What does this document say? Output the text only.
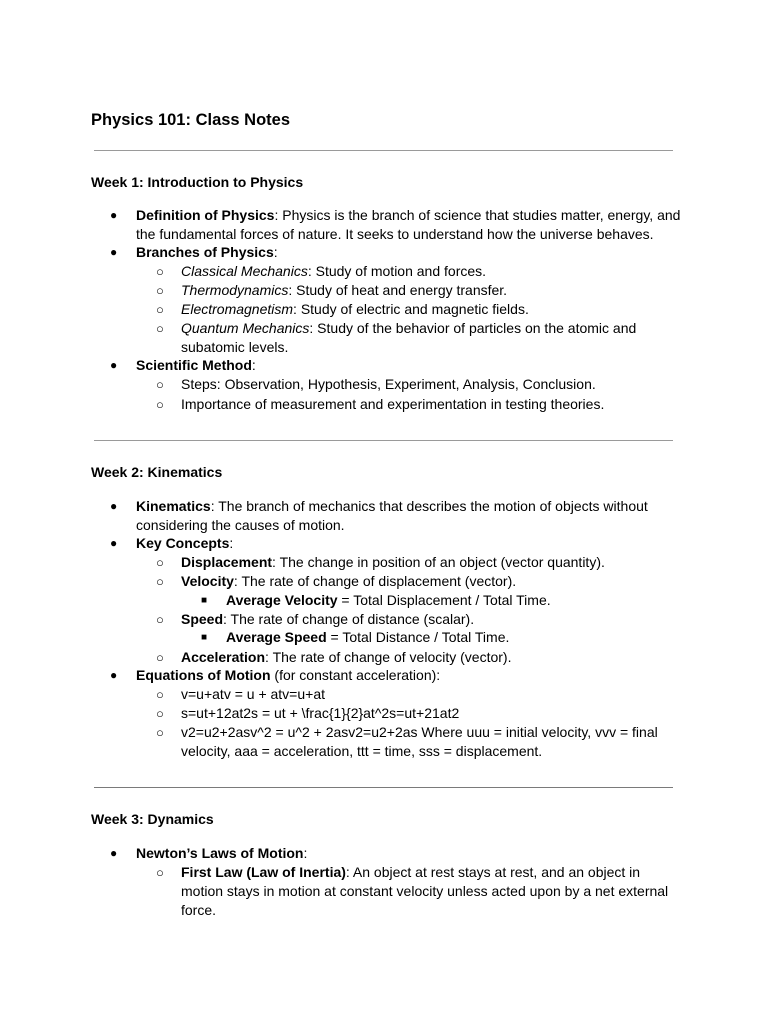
Physics 101: Class Notes
Week 1: Introduction to Physics
● Definition of Physics: Physics is the branch of science that studies matter, energy, and
the fundamental forces of nature. It seeks to understand how the universe behaves.
● Branches of Physics:
○ Classical Mechanics: Study of motion and forces.
○ Thermodynamics: Study of heat and energy transfer.
○ Electromagnetism: Study of electric and magnetic fields.
○ Quantum Mechanics: Study of the behavior of particles on the atomic and
subatomic levels.
● Scientific Method:
○ Steps: Observation, Hypothesis, Experiment, Analysis, Conclusion.
○ Importance of measurement and experimentation in testing theories.
Week 2: Kinematics
● Kinematics: The branch of mechanics that describes the motion of objects without
considering the causes of motion.
● Key Concepts:
○ Displacement: The change in position of an object (vector quantity).
○ Velocity: The rate of change of displacement (vector).
■ Average Velocity = Total Displacement / Total Time.
○ Speed: The rate of change of distance (scalar).
■ Average Speed = Total Distance / Total Time.
○ Acceleration: The rate of change of velocity (vector).
● Equations of Motion (for constant acceleration):
○ v=u+atv = u + atv=u+at
○ s=ut+12at2s = ut + \frac{1}{2}at^2s=ut+21at2
○ v2=u2+2asv^2 = u^2 + 2asv2=u2+2as Where uuu = initial velocity, vvv = final
velocity, aaa = acceleration, ttt = time, sss = displacement.
Week 3: Dynamics
● Newton’s Laws of Motion:
○ First Law (Law of Inertia): An object at rest stays at rest, and an object in
motion stays in motion at constant velocity unless acted upon by a net external
force.
